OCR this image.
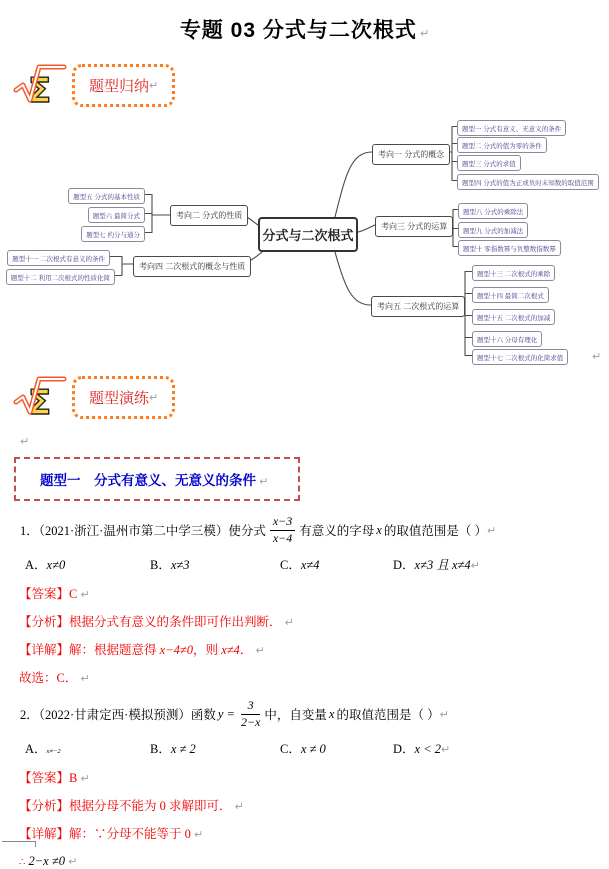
专题 03 分式与二次根式 ↵
Σ	题型归纳 ↵
分式与二次根式
考向一 分式的概念
考向二 分式的性质
考向三 分式的运算
考向四 二次根式的概念与性质
考向五 二次根式的运算
题型一 分式有意义、无意义的条件
题型二 分式的值为零的条件
题型三 分式的求值
题型四 分式的值为正或负时未知数的取值范围
题型五 分式的基本性质
题型六 最简分式
题型七 约分与通分
题型八 分式的乘除法
题型九 分式的加减法
题型十 零指数幂与负整数指数幂
题型十一 二次根式有意义的条件
题型十二 利用二次根式的性质化简
题型十三 二次根式的乘除
题型十四 最简二次根式
题型十五 二次根式的加减
题型十六 分母有理化
题型十七 二次根式的化简求值	↵
Σ	题型演练 ↵
↵
题型一　分式有意义、无意义的条件 ↵
1．（2021·浙江·温州市第二中学三模）使分式 $\frac{x-3}{x-4}$ 有意义的字母 x 的取值范围是（ ） ↵
A． x≠0	B． x≠3	C． x≠4	D． x≠3 且 x≠4 ↵
【答案】C ↵
【分析】根据分式有意义的条件即可作出判断． ↵
【详解】解：根据题意得 x−4≠0，则 x≠4． ↵
故选：C． ↵
2．（2022·甘肃定西·模拟预测）函数 $y = \frac{3}{2-x}$ 中，自变量 x 的取值范围是（ ） ↵
A． x≠−2	B． x ≠ 2	C． x ≠ 0	D． x < 2 ↵
【答案】B ↵
【分析】根据分母不能为 0 求解即可． ↵
【详解】解：∵分母不能等于 0 ↵
∴ 2−x ≠0 ↵
